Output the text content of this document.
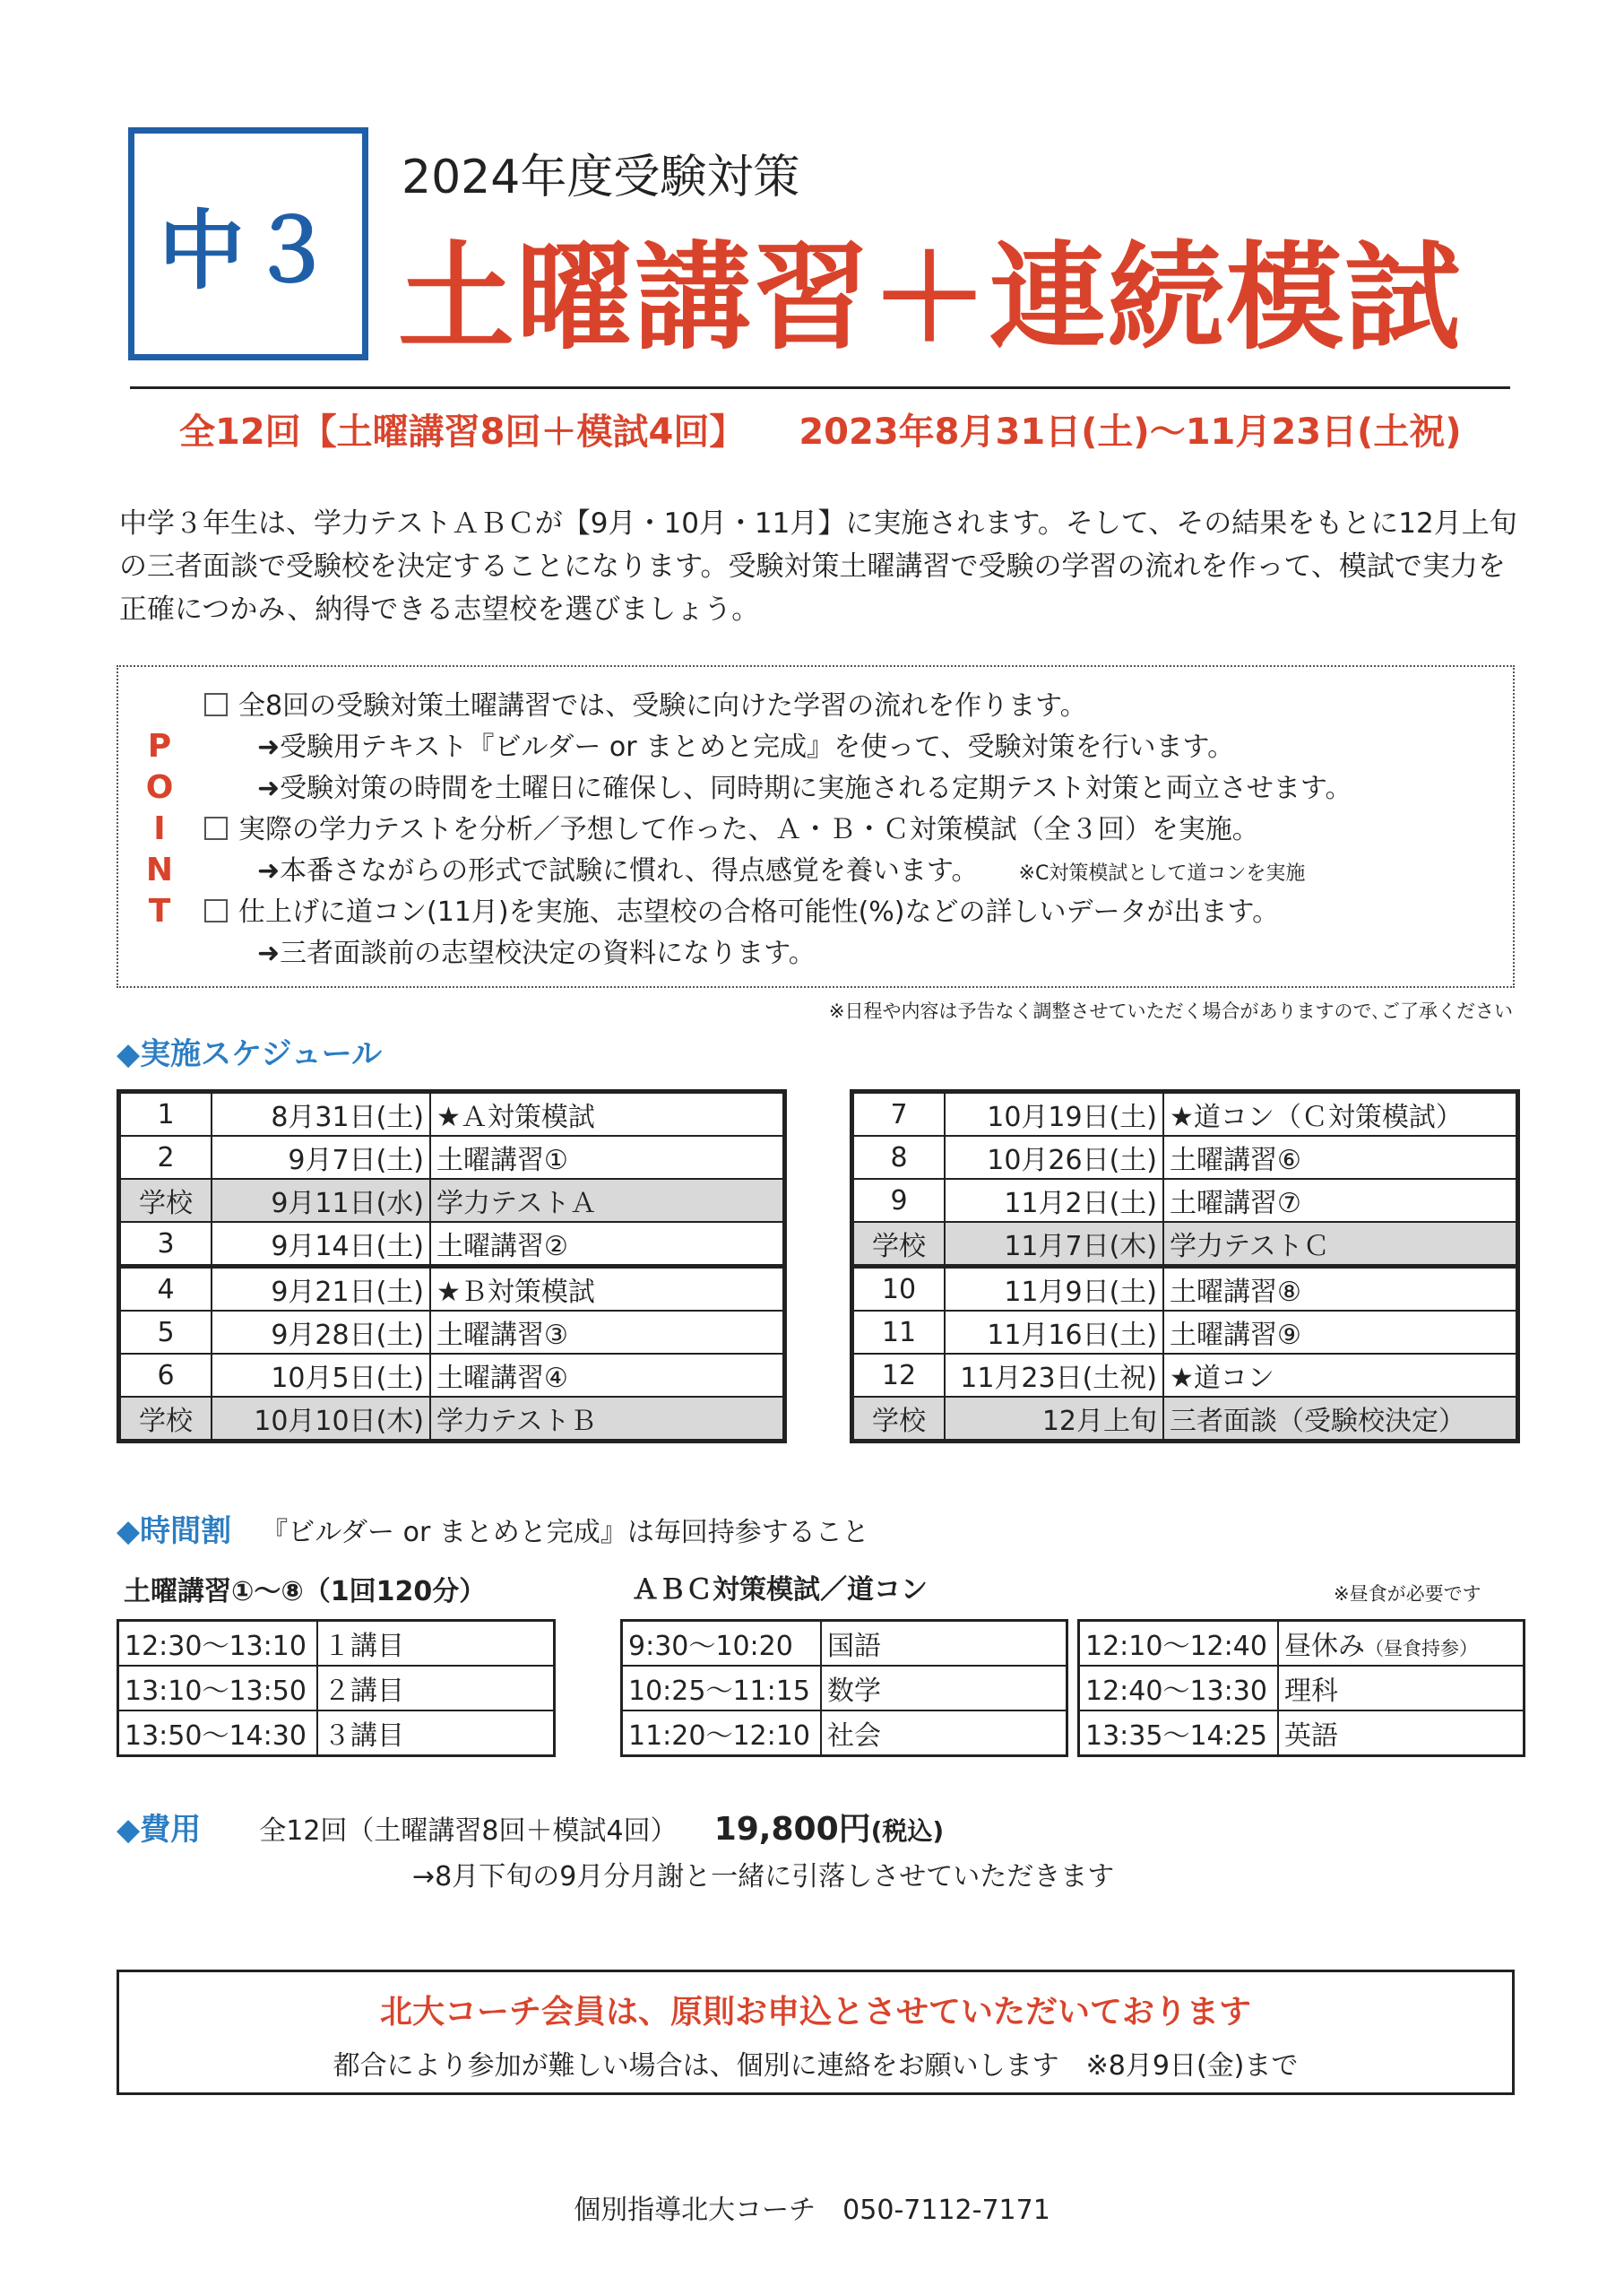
中３
2024年度受験対策
土曜講習＋連続模試
全12回【土曜講習8回＋模試4回】　　 2023年8月31日(土)～11月23日(土祝)
中学３年生は、学力テストＡＢＣが【9月・10月・11月】に実施されます。そして、その結果をもとに12月上旬の三者面談で受験校を決定することになります。受験対策土曜講習で受験の学習の流れを作って、模試で実力を正確につかみ、納得できる志望校を選びましょう。
P
O
I
N
T
全8回の受験対策土曜講習では、受験に向けた学習の流れを作ります。
➜受験用テキスト『ビルダー or まとめと完成』を使って、受験対策を行います。
➜受験対策の時間を土曜日に確保し、同時期に実施される定期テスト対策と両立させます。
実際の学力テストを分析／予想して作った、Ａ・Ｂ・Ｃ対策模試（全３回）を実施。
➜本番さながらの形式で試験に慣れ、得点感覚を養います。　　	※C対策模試として道コンを実施
仕上げに道コン(11月)を実施、志望校の合格可能性(%)などの詳しいデータが出ます。
➜三者面談前の志望校決定の資料になります。
※日程や内容は予告なく調整させていただく場合がありますので､ご了承ください
◆実施スケジュール
1	8月31日(土)	★Ａ対策模試
2	9月7日(土)	土曜講習①
学校	9月11日(水)	学力テストＡ
3	9月14日(土)	土曜講習②
4	9月21日(土)	★Ｂ対策模試
5	9月28日(土)	土曜講習③
6	10月5日(土)	土曜講習④
学校	10月10日(木)	学力テストＢ
7	10月19日(土)	★道コン（Ｃ対策模試）
8	10月26日(土)	土曜講習⑥
9	11月2日(土)	土曜講習⑦
学校	11月7日(木)	学力テストＣ
10	11月9日(土)	土曜講習⑧
11	11月16日(土)	土曜講習⑨
12	11月23日(土祝)	★道コン
学校	12月上旬	三者面談（受験校決定）
◆時間割 『ビルダー or まとめと完成』は毎回持参すること
土曜講習①～⑧（1回120分）	ＡＢＣ対策模試／道コン	※昼食が必要です
12:30～13:10	１講目
13:10～13:50	２講目
13:50～14:30	３講目
9:30～10:20	国語
10:25～11:15	数学
11:20～12:10	社会
12:10～12:40	昼休み（昼食持参）
12:40～13:30	理科
13:35～14:25	英語
◆費用 全12回（土曜講習8回＋模試4回） 19,800円(税込)
→8月下旬の9月分月謝と一緒に引落しさせていただきます
北大コーチ会員は、原則お申込とさせていただいております
都合により参加が難しい場合は、個別に連絡をお願いします　※8月9日(金)まで
個別指導北大コーチ　050-7112-7171
